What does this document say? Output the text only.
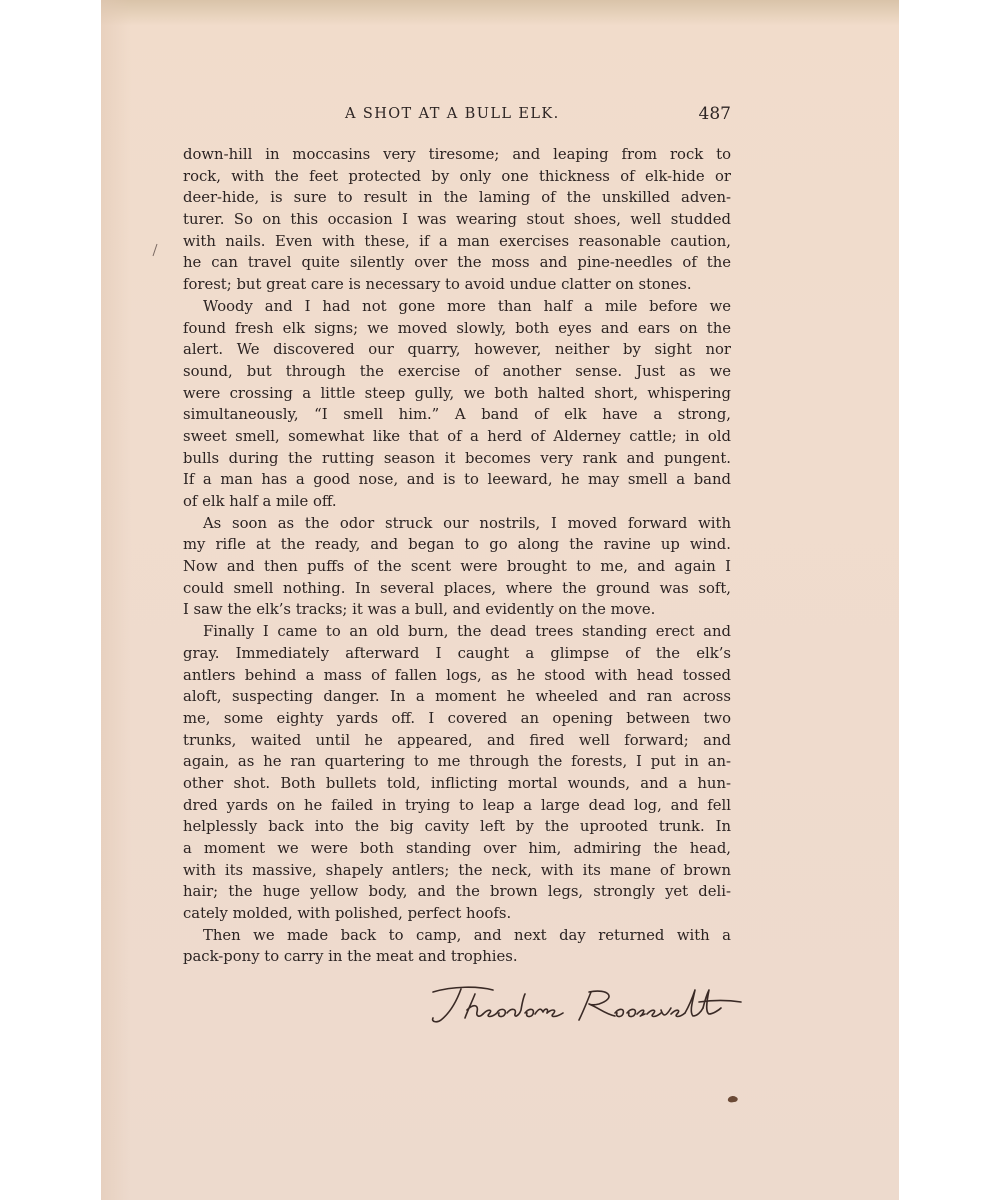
A SHOT AT A BULL ELK.	487
down-hill in moccasins very tiresome; and leaping from rock to
rock, with the feet protected by only one thickness of elk-hide or
deer-hide, is sure to result in the laming of the unskilled adven-
turer. So on this occasion I was wearing stout shoes, well studded
with nails. Even with these, if a man exercises reasonable caution,
he can travel quite silently over the moss and pine-needles of the
forest; but great care is necessary to avoid undue clatter on stones.
Woody and I had not gone more than half a mile before we
found fresh elk signs; we moved slowly, both eyes and ears on the
alert. We discovered our quarry, however, neither by sight nor
sound, but through the exercise of another sense. Just as we
were crossing a little steep gully, we both halted short, whispering
simultaneously, “I smell him.” A band of elk have a strong,
sweet smell, somewhat like that of a herd of Alderney cattle; in old
bulls during the rutting season it becomes very rank and pungent.
If a man has a good nose, and is to leeward, he may smell a band
of elk half a mile off.
As soon as the odor struck our nostrils, I moved forward with
my rifle at the ready, and began to go along the ravine up wind.
Now and then puffs of the scent were brought to me, and again I
could smell nothing. In several places, where the ground was soft,
I saw the elk’s tracks; it was a bull, and evidently on the move.
Finally I came to an old burn, the dead trees standing erect and
gray. Immediately afterward I caught a glimpse of the elk’s
antlers behind a mass of fallen logs, as he stood with head tossed
aloft, suspecting danger. In a moment he wheeled and ran across
me, some eighty yards off. I covered an opening between two
trunks, waited until he appeared, and fired well forward; and
again, as he ran quartering to me through the forests, I put in an-
other shot. Both bullets told, inflicting mortal wounds, and a hun-
dred yards on he failed in trying to leap a large dead log, and fell
helplessly back into the big cavity left by the uprooted trunk. In
a moment we were both standing over him, admiring the head,
with its massive, shapely antlers; the neck, with its mane of brown
hair; the huge yellow body, and the brown legs, strongly yet deli-
cately molded, with polished, perfect hoofs.
Then we made back to camp, and next day returned with a
pack-pony to carry in the meat and trophies.
